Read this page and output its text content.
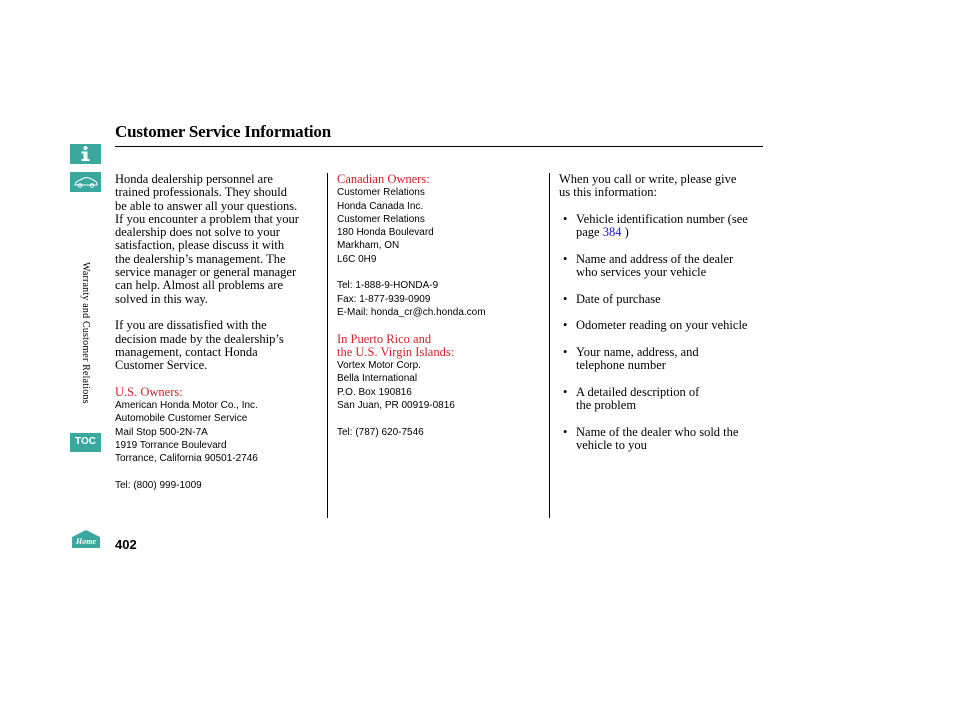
Warranty and Customer Relations
TOC
Home
Customer Service Information
Honda dealership personnel are
trained professionals. They should
be able to answer all your questions.
If you encounter a problem that your
dealership does not solve to your
satisfaction, please discuss it with
the dealership’s management. The
service manager or general manager
can help. Almost all problems are
solved in this way.
If you are dissatisfied with the
decision made by the dealership’s
management, contact Honda
Customer Service.
U.S. Owners:
American Honda Motor Co., Inc.
Automobile Customer Service
Mail Stop 500-2N-7A
1919 Torrance Boulevard
Torrance, California 90501-2746
Tel: (800) 999-1009
Canadian Owners:
Customer Relations
Honda Canada Inc.
Customer Relations
180 Honda Boulevard
Markham, ON
L6C 0H9
Tel: 1-888-9-HONDA-9
Fax: 1-877-939-0909
E-Mail: honda_cr@ch.honda.com
In Puerto Rico and
the U.S. Virgin Islands:
Vortex Motor Corp.
Bella International
P.O. Box 190816
San Juan, PR 00919-0816
Tel: (787) 620-7546
When you call or write, please give
us this information:
• Vehicle identification number (see
page 384 )
• Name and address of the dealer
who services your vehicle
• Date of purchase
• Odometer reading on your vehicle
• Your name, address, and
telephone number
• A detailed description of
the problem
• Name of the dealer who sold the
vehicle to you
402
